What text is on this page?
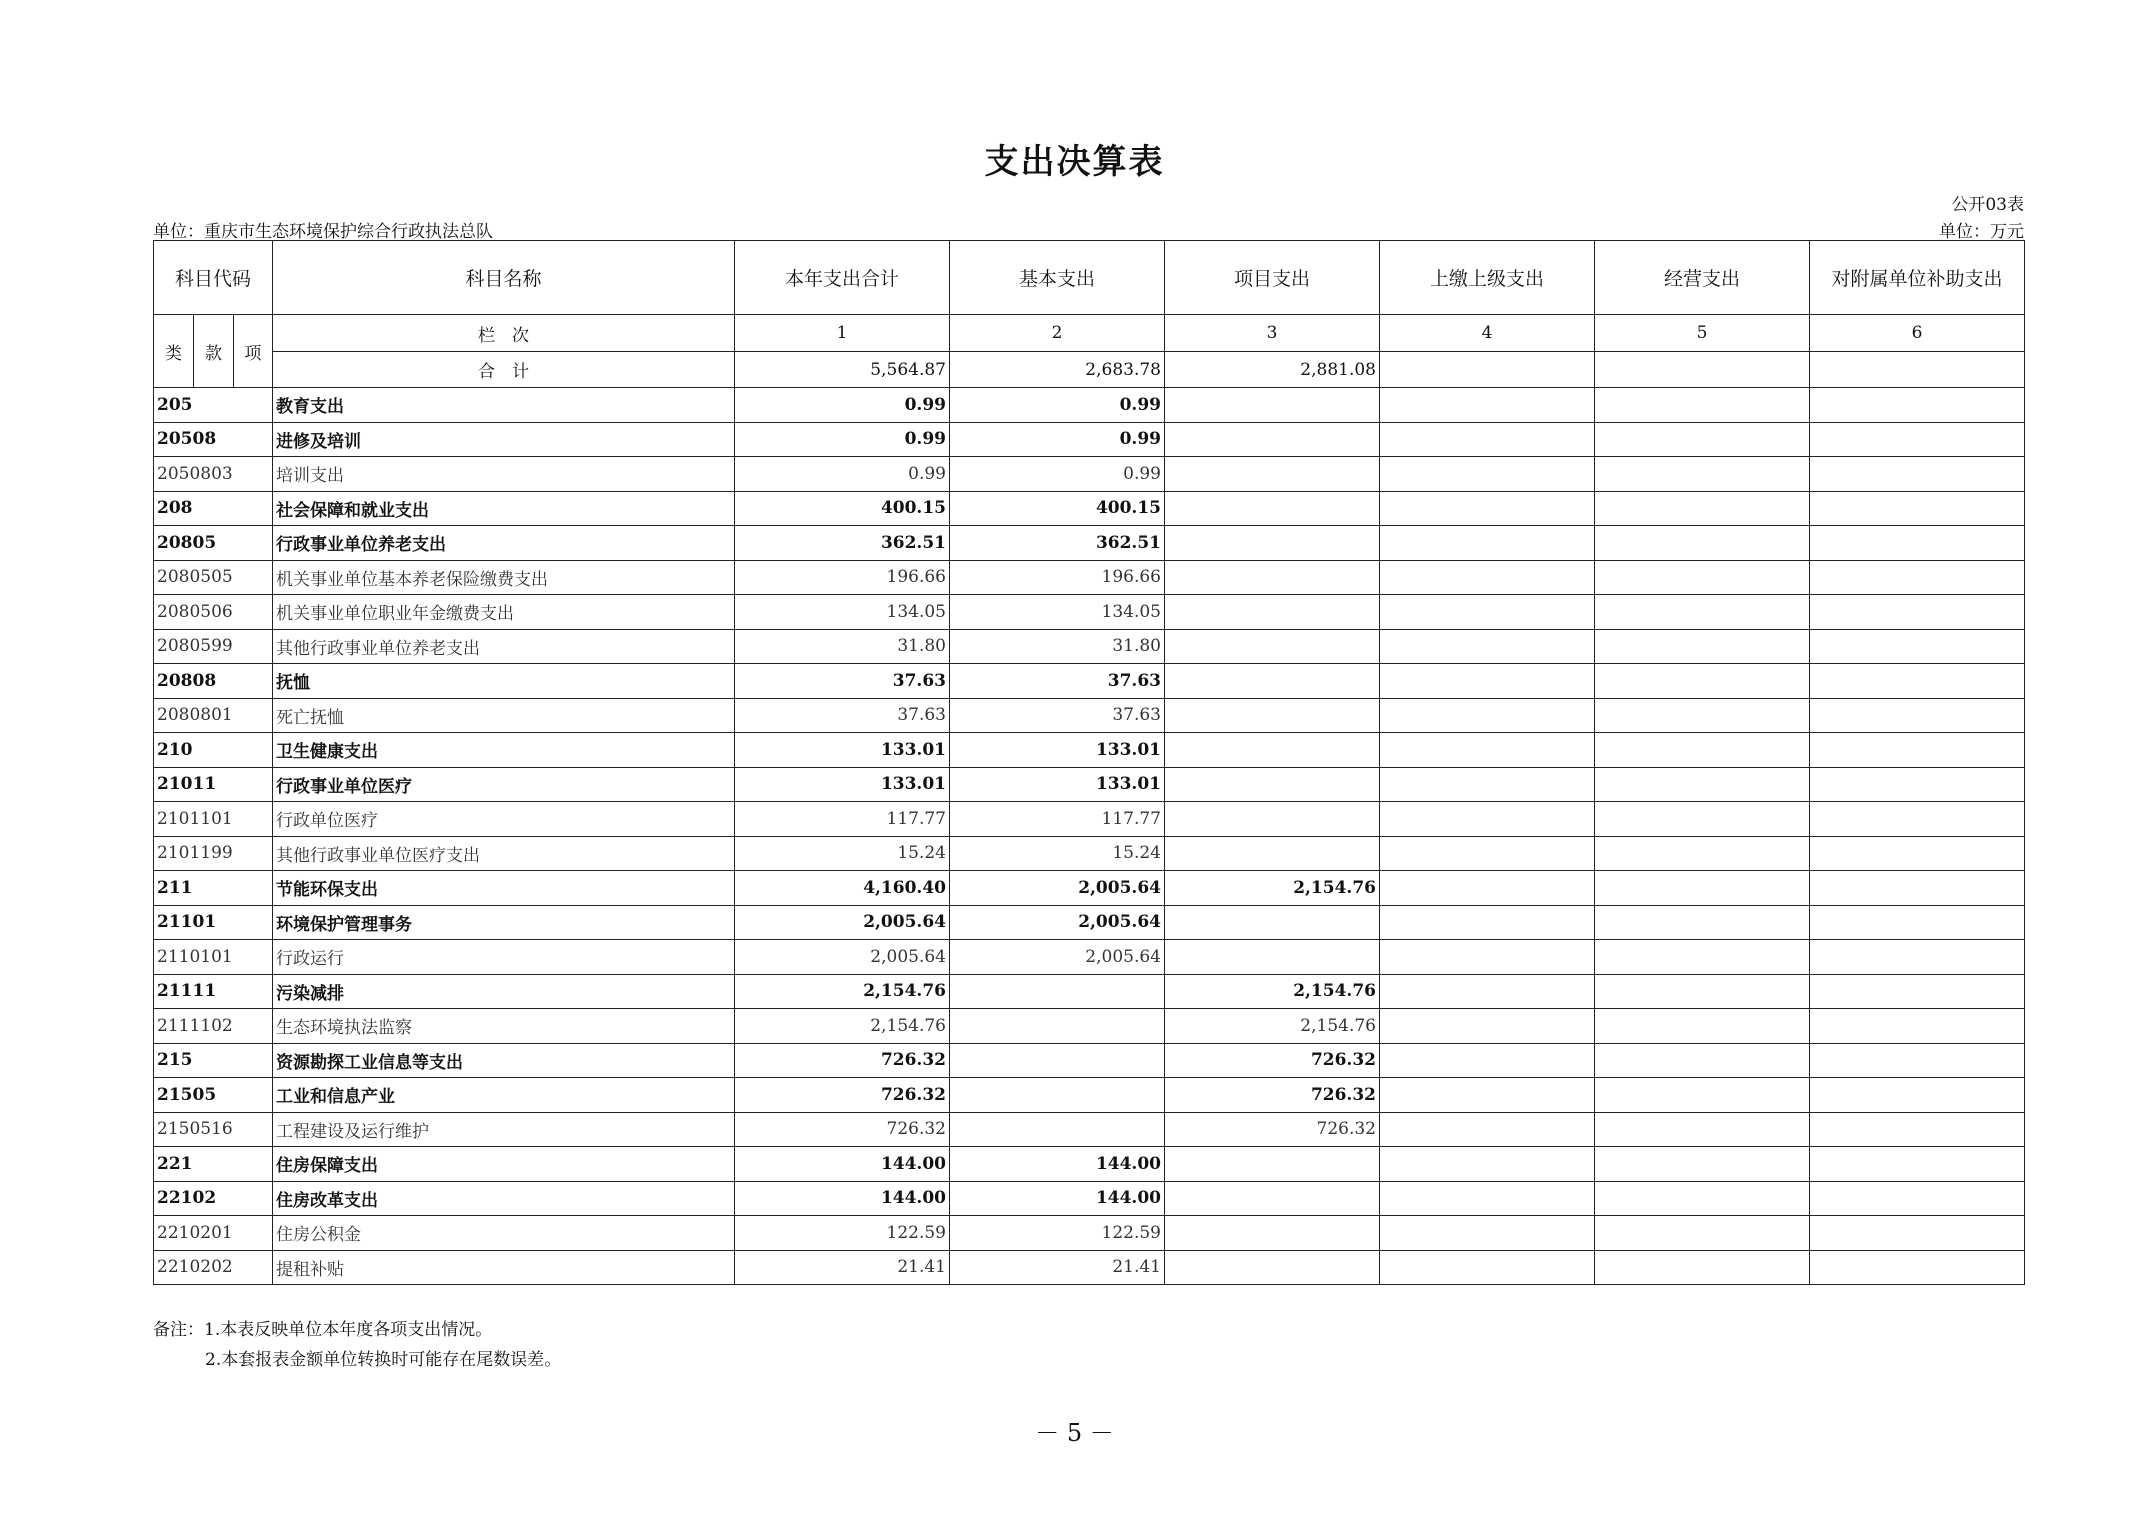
支出决算表
公开03表
单位：重庆市生态环境保护综合行政执法总队	单位：万元
科目代码			科目名称	本年支出合计	基本支出	项目支出	上缴上级支出	经营支出	对附属单位补助支出
类	款	项	栏　次	1	2	3	4	5	6
			合　计	5,564.87	2,683.78	2,881.08			
205			教育支出	0.99	0.99				
20508			进修及培训	0.99	0.99				
2050803			培训支出	0.99	0.99				
208			社会保障和就业支出	400.15	400.15				
20805			行政事业单位养老支出	362.51	362.51				
2080505			机关事业单位基本养老保险缴费支出	196.66	196.66				
2080506			机关事业单位职业年金缴费支出	134.05	134.05				
2080599			其他行政事业单位养老支出	31.80	31.80				
20808			抚恤	37.63	37.63				
2080801			死亡抚恤	37.63	37.63				
210			卫生健康支出	133.01	133.01				
21011			行政事业单位医疗	133.01	133.01				
2101101			行政单位医疗	117.77	117.77				
2101199			其他行政事业单位医疗支出	15.24	15.24				
211			节能环保支出	4,160.40	2,005.64	2,154.76			
21101			环境保护管理事务	2,005.64	2,005.64				
2110101			行政运行	2,005.64	2,005.64				
21111			污染减排	2,154.76		2,154.76			
2111102			生态环境执法监察	2,154.76		2,154.76			
215			资源勘探工业信息等支出	726.32		726.32			
21505			工业和信息产业	726.32		726.32			
2150516			工程建设及运行维护	726.32		726.32			
221			住房保障支出	144.00	144.00				
22102			住房改革支出	144.00	144.00				
2210201			住房公积金	122.59	122.59				
2210202			提租补贴	21.41	21.41				
备注：1.本表反映单位本年度各项支出情况。
2.本套报表金额单位转换时可能存在尾数误差。
－ 5 －
